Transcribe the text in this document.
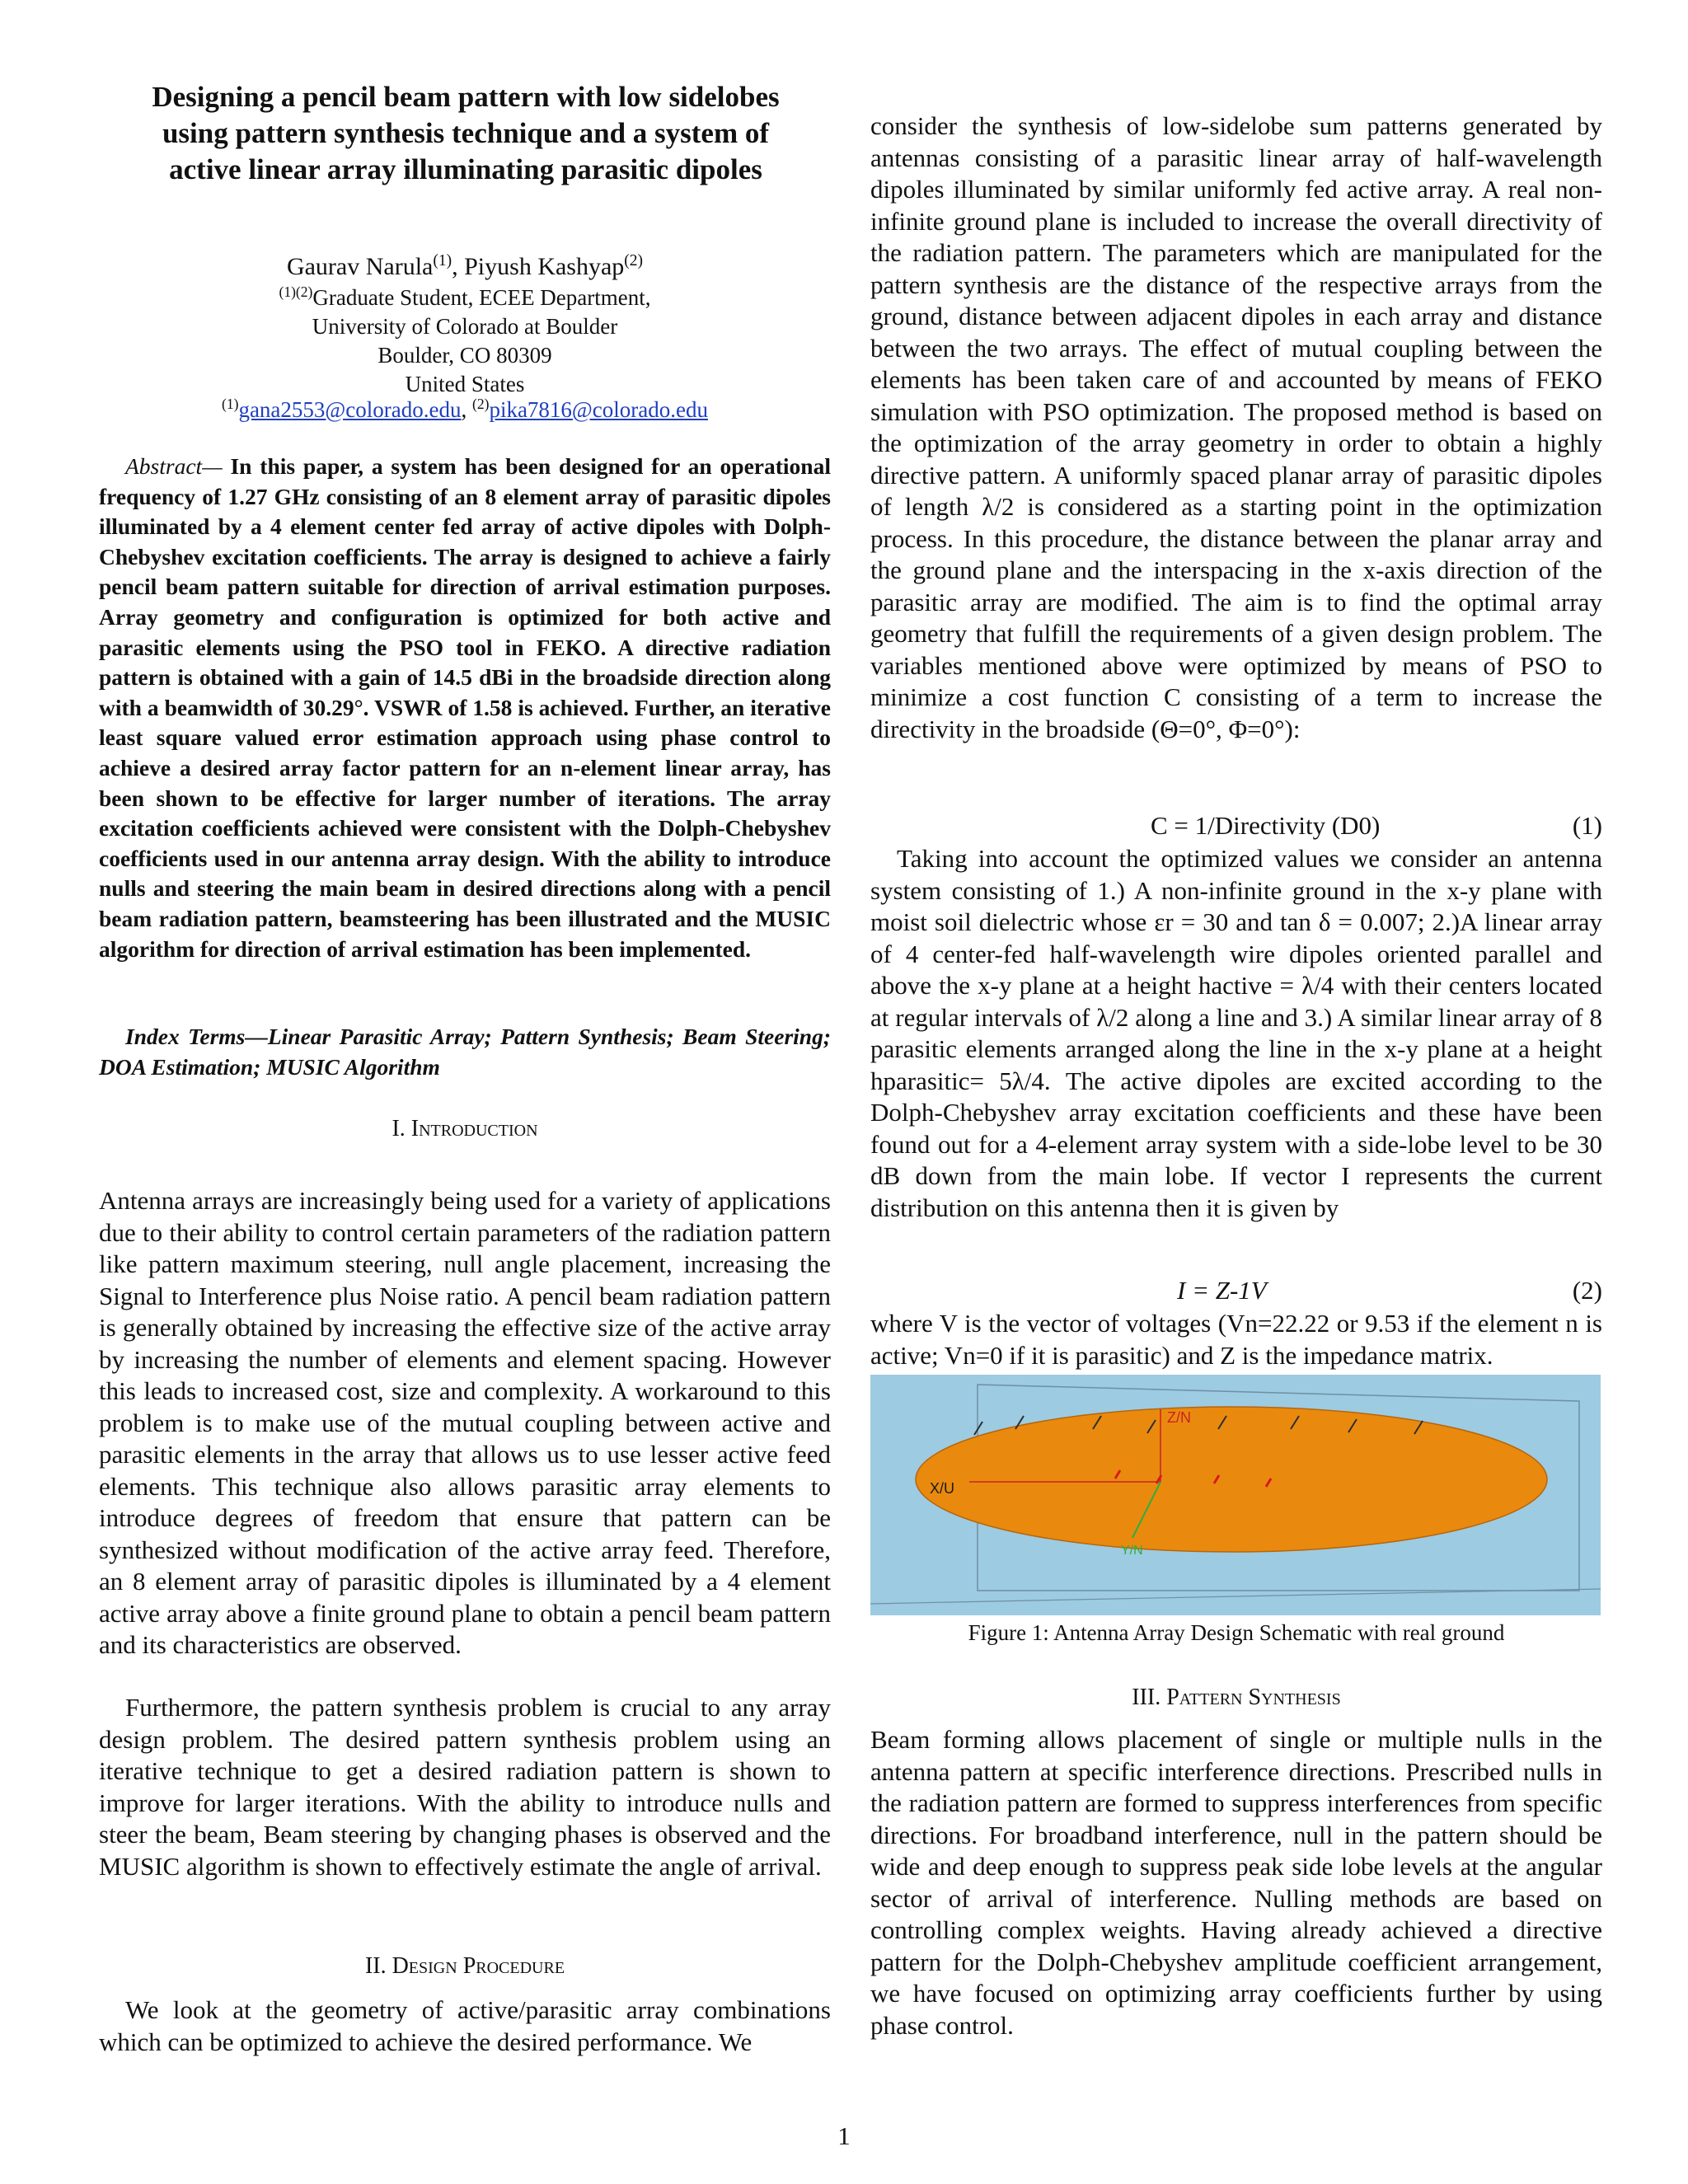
Designing a pencil beam pattern with low sidelobes using pattern synthesis technique and a system of active linear array illuminating parasitic dipoles
Gaurav Narula$^{(1)}$, Piyush Kashyap$^{(2)}$
$^{(1)(2)}$Graduate Student, ECEE Department,
University of Colorado at Boulder
Boulder, CO 80309
United States
$^{(1)}$gana2553@colorado.edu, $^{(2)}$pika7816@colorado.edu
Abstract— In this paper, a system has been designed for an operational frequency of 1.27 GHz consisting of an 8 element array of parasitic dipoles illuminated by a 4 element center fed array of active dipoles with Dolph-Chebyshev excitation coefficients. The array is designed to achieve a fairly pencil beam pattern suitable for direction of arrival estimation purposes. Array geometry and configuration is optimized for both active and parasitic elements using the PSO tool in FEKO. A directive radiation pattern is obtained with a gain of 14.5 dBi in the broadside direction along with a beamwidth of 30.29°. VSWR of 1.58 is achieved. Further, an iterative least square valued error estimation approach using phase control to achieve a desired array factor pattern for an n-element linear array, has been shown to be effective for larger number of iterations. The array excitation coefficients achieved were consistent with the Dolph-Chebyshev coefficients used in our antenna array design. With the ability to introduce nulls and steering the main beam in desired directions along with a pencil beam radiation pattern, beamsteering has been illustrated and the MUSIC algorithm for direction of arrival estimation has been implemented.
Index Terms—Linear Parasitic Array; Pattern Synthesis; Beam Steering; DOA Estimation; MUSIC Algorithm
I. Introduction
Antenna arrays are increasingly being used for a variety of applications due to their ability to control certain parameters of the radiation pattern like pattern maximum steering, null angle placement, increasing the Signal to Interference plus Noise ratio. A pencil beam radiation pattern is generally obtained by increasing the effective size of the active array by increasing the number of elements and element spacing. However this leads to increased cost, size and complexity. A workaround to this problem is to make use of the mutual coupling between active and parasitic elements in the array that allows us to use lesser active feed elements. This technique also allows parasitic array elements to introduce degrees of freedom that ensure that pattern can be synthesized without modification of the active array feed. Therefore, an 8 element array of parasitic dipoles is illuminated by a 4 element active array above a finite ground plane to obtain a pencil beam pattern and its characteristics are observed.
Furthermore, the pattern synthesis problem is crucial to any array design problem. The desired pattern synthesis problem using an iterative technique to get a desired radiation pattern is shown to improve for larger iterations. With the ability to introduce nulls and steer the beam, Beam steering by changing phases is observed and the MUSIC algorithm is shown to effectively estimate the angle of arrival.
II. Design Procedure
We look at the geometry of active/parasitic array combinations which can be optimized to achieve the desired performance. We
consider the synthesis of low-sidelobe sum patterns generated by antennas consisting of a parasitic linear array of half-wavelength dipoles illuminated by similar uniformly fed active array. A real non-infinite ground plane is included to increase the overall directivity of the radiation pattern. The parameters which are manipulated for the pattern synthesis are the distance of the respective arrays from the ground, distance between adjacent dipoles in each array and distance between the two arrays. The effect of mutual coupling between the elements has been taken care of and accounted by means of FEKO simulation with PSO optimization. The proposed method is based on the optimization of the array geometry in order to obtain a highly directive pattern. A uniformly spaced planar array of parasitic dipoles of length λ/2 is considered as a starting point in the optimization process. In this procedure, the distance between the planar array and the ground plane and the interspacing in the x-axis direction of the parasitic array are modified. The aim is to find the optimal array geometry that fulfill the requirements of a given design problem. The variables mentioned above were optimized by means of PSO to minimize a cost function C consisting of a term to increase the directivity in the broadside (Θ=0°, Φ=0°):
C = 1/Directivity (D0)	(1)
Taking into account the optimized values we consider an antenna system consisting of 1.) A non-infinite ground in the x-y plane with moist soil dielectric whose εr = 30 and tan δ = 0.007; 2.)A linear array of 4 center-fed half-wavelength wire dipoles oriented parallel and above the x-y plane at a height hactive = λ/4 with their centers located at regular intervals of λ/2 along a line and 3.) A similar linear array of 8 parasitic elements arranged along the line in the x-y plane at a height hparasitic= 5λ/4. The active dipoles are excited according to the Dolph-Chebyshev array excitation coefficients and these have been found out for a 4-element array system with a side-lobe level to be 30 dB down from the main lobe. If vector I represents the current distribution on this antenna then it is given by
I = Z-1V	(2)
where V is the vector of voltages (Vn=22.22 or 9.53 if the element n is active; Vn=0 if it is parasitic) and Z is the impedance matrix.
Z/N
X/U
Y/N
Figure 1: Antenna Array Design Schematic with real ground
III. Pattern Synthesis
Beam forming allows placement of single or multiple nulls in the antenna pattern at specific interference directions. Prescribed nulls in the radiation pattern are formed to suppress interferences from specific directions. For broadband interference, null in the pattern should be wide and deep enough to suppress peak side lobe levels at the angular sector of arrival of interference. Nulling methods are based on controlling complex weights. Having already achieved a directive pattern for the Dolph-Chebyshev amplitude coefficient arrangement, we have focused on optimizing array coefficients further by using phase control.
1
